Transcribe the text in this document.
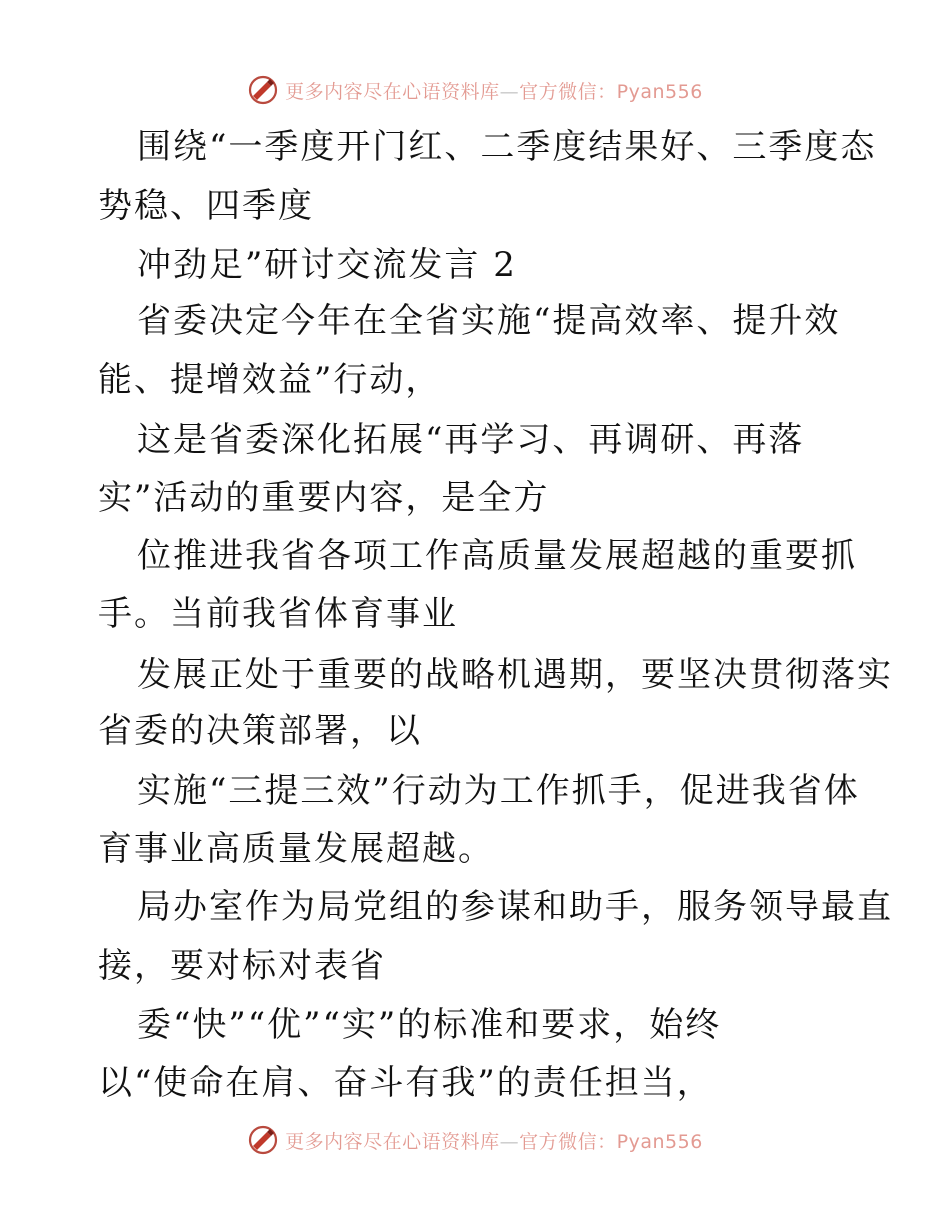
更多内容尽在心语资料库—官方微信：Pyan556
围绕“一季度开门红、二季度结果好、三季度态
势稳、四季度
冲劲足”研讨交流发言 2
省委决定今年在全省实施“提高效率、提升效
能、提增效益”行动，
这是省委深化拓展“再学习、再调研、再落
实”活动的重要内容，是全方
位推进我省各项工作高质量发展超越的重要抓
手。当前我省体育事业
发展正处于重要的战略机遇期，要坚决贯彻落实
省委的决策部署，以
实施“三提三效”行动为工作抓手，促进我省体
育事业高质量发展超越。
局办室作为局党组的参谋和助手，服务领导最直
接，要对标对表省
委“快”“优”“实”的标准和要求，始终
以“使命在肩、奋斗有我”的责任担当，
更多内容尽在心语资料库—官方微信：Pyan556
